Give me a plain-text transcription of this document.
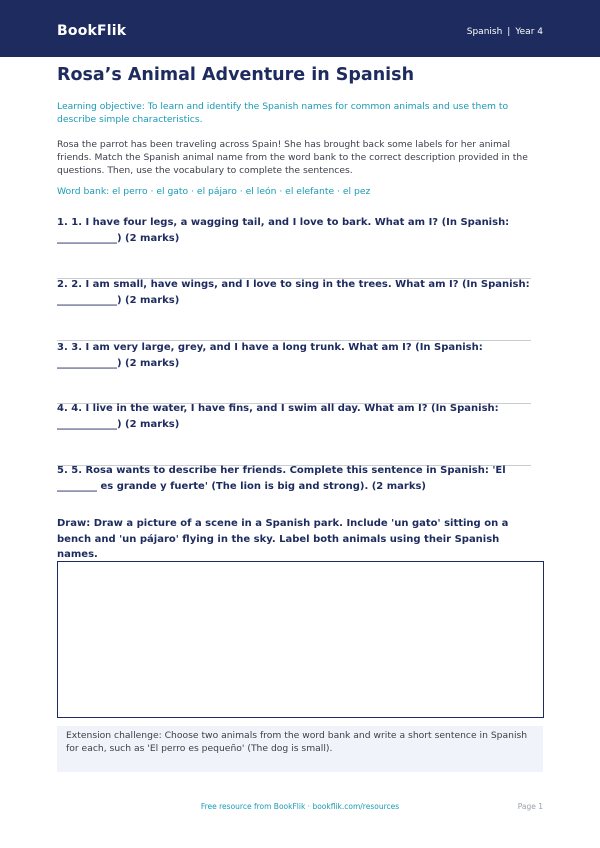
BookFlik	Spanish | Year 4
Rosa’s Animal Adventure in Spanish
Learning objective: To learn and identify the Spanish names for common animals and use them to describe simple characteristics.
Rosa the parrot has been traveling across Spain! She has brought back some labels for her animal friends. Match the Spanish animal name from the word bank to the correct description provided in the questions. Then, use the vocabulary to complete the sentences.
Word bank: el perro · el gato · el pájaro · el león · el elefante · el pez
1. 1. I have four legs, a wagging tail, and I love to bark. What am I? (In Spanish: ____________) (2 marks)
2. 2. I am small, have wings, and I love to sing in the trees. What am I? (In Spanish: ____________) (2 marks)
3. 3. I am very large, grey, and I have a long trunk. What am I? (In Spanish: ____________) (2 marks)
4. 4. I live in the water, I have fins, and I swim all day. What am I? (In Spanish: ____________) (2 marks)
5. 5. Rosa wants to describe her friends. Complete this sentence in Spanish: 'El ________ es grande y fuerte' (The lion is big and strong). (2 marks)
Draw: Draw a picture of a scene in a Spanish park. Include 'un gato' sitting on a bench and 'un pájaro' flying in the sky. Label both animals using their Spanish names.
Extension challenge: Choose two animals from the word bank and write a short sentence in Spanish for each, such as 'El perro es pequeño' (The dog is small).
Free resource from BookFlik · bookflik.com/resources	Page 1
